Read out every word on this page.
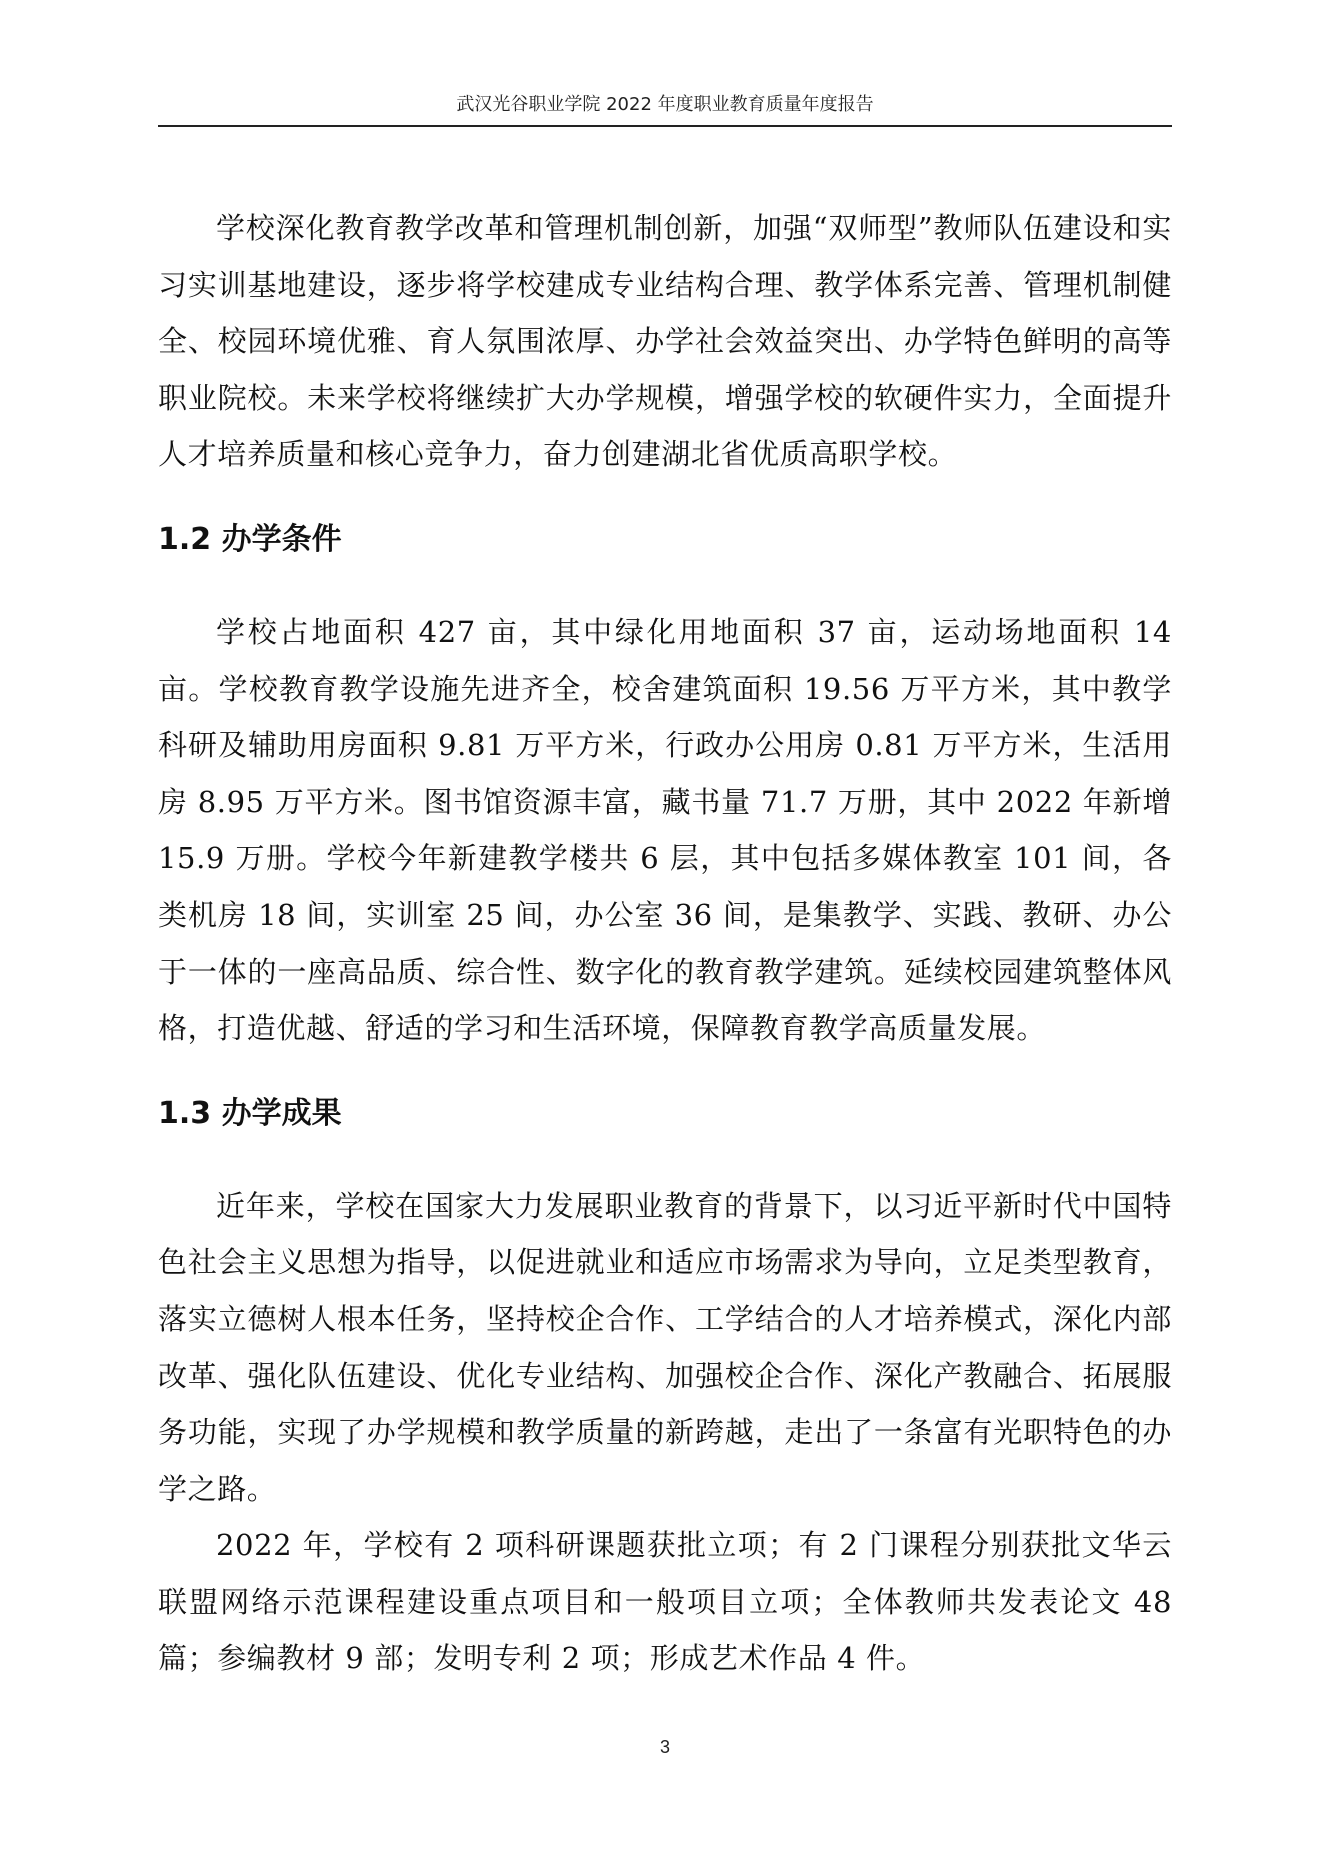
武汉光谷职业学院 2022 年度职业教育质量年度报告

学校深化教育教学改革和管理机制创新，加强“双师型”教师队伍建设和实习实训基地建设，逐步将学校建成专业结构合理、教学体系完善、管理机制健全、校园环境优雅、育人氛围浓厚、办学社会效益突出、办学特色鲜明的高等职业院校。未来学校将继续扩大办学规模，增强学校的软硬件实力，全面提升人才培养质量和核心竞争力，奋力创建湖北省优质高职学校。

1.2 办学条件

学校占地面积 427 亩，其中绿化用地面积 37 亩，运动场地面积 14 亩。学校教育教学设施先进齐全，校舍建筑面积 19.56 万平方米，其中教学科研及辅助用房面积 9.81 万平方米，行政办公用房 0.81 万平方米，生活用房 8.95 万平方米。图书馆资源丰富，藏书量 71.7 万册，其中 2022 年新增 15.9 万册。学校今年新建教学楼共 6 层，其中包括多媒体教室 101 间，各类机房 18 间，实训室 25 间，办公室 36 间，是集教学、实践、教研、办公于一体的一座高品质、综合性、数字化的教育教学建筑。延续校园建筑整体风格，打造优越、舒适的学习和生活环境，保障教育教学高质量发展。

1.3 办学成果

近年来，学校在国家大力发展职业教育的背景下，以习近平新时代中国特色社会主义思想为指导，以促进就业和适应市场需求为导向，立足类型教育，落实立德树人根本任务，坚持校企合作、工学结合的人才培养模式，深化内部改革、强化队伍建设、优化专业结构、加强校企合作、深化产教融合、拓展服务功能，实现了办学规模和教学质量的新跨越，走出了一条富有光职特色的办学之路。

2022 年，学校有 2 项科研课题获批立项；有 2 门课程分别获批文华云联盟网络示范课程建设重点项目和一般项目立项；全体教师共发表论文 48 篇；参编教材 9 部；发明专利 2 项；形成艺术作品 4 件。

3
